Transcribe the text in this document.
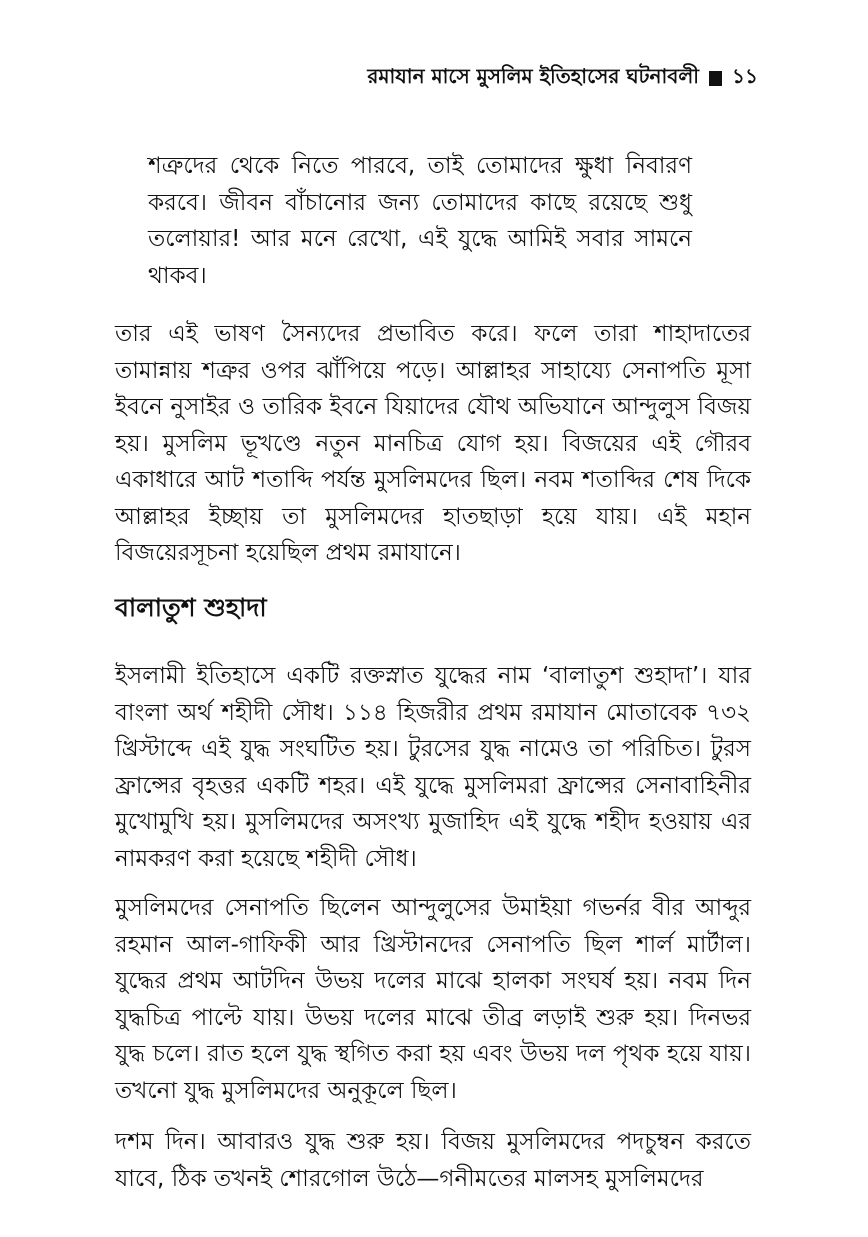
রমাযান মাসে মুসলিম ইতিহাসের ঘটনাবলী ১১

শত্রুদের থেকে নিতে পারবে, তাই তোমাদের ক্ষুধা নিবারণ করবে। জীবন বাঁচানোর জন্য তোমাদের কাছে রয়েছে শুধু তলোয়ার! আর মনে রেখো, এই যুদ্ধে আমিই সবার সামনে থাকব।

তার এই ভাষণ সৈন্যদের প্রভাবিত করে। ফলে তারা শাহাদাতের তামান্নায় শত্রুর ওপর ঝাঁপিয়ে পড়ে। আল্লাহর সাহায্যে সেনাপতি মূসা ইবনে নুসাইর ও তারিক ইবনে যিয়াদের যৌথ অভিযানে আন্দুলুস বিজয় হয়। মুসলিম ভূখণ্ডে নতুন মানচিত্র যোগ হয়। বিজয়ের এই গৌরব একাধারে আট শতাব্দি পর্যন্ত মুসলিমদের ছিল। নবম শতাব্দির শেষ দিকে আল্লাহর ইচ্ছায় তা মুসলিমদের হাতছাড়া হয়ে যায়। এই মহান বিজয়েরসূচনা হয়েছিল প্রথম রমাযানে।

বালাতুশ শুহাদা

ইসলামী ইতিহাসে একটি রক্তস্নাত যুদ্ধের নাম ‘বালাতুশ শুহাদা’। যার বাংলা অর্থ শহীদী সৌধ। ১১৪ হিজরীর প্রথম রমাযান মোতাবেক ৭৩২ খ্রিস্টাব্দে এই যুদ্ধ সংঘটিত হয়। টুরসের যুদ্ধ নামেও তা পরিচিত। টুরস ফ্রান্সের বৃহত্তর একটি শহর। এই যুদ্ধে মুসলিমরা ফ্রান্সের সেনাবাহিনীর মুখোমুখি হয়। মুসলিমদের অসংখ্য মুজাহিদ এই যুদ্ধে শহীদ হওয়ায় এর নামকরণ করা হয়েছে শহীদী সৌধ।

মুসলিমদের সেনাপতি ছিলেন আন্দুলুসের উমাইয়া গভর্নর বীর আব্দুর রহমান আল-গাফিকী আর খ্রিস্টানদের সেনাপতি ছিল শার্ল মার্টাল। যুদ্ধের প্রথম আটদিন উভয় দলের মাঝে হালকা সংঘর্ষ হয়। নবম দিন যুদ্ধচিত্র পাল্টে যায়। উভয় দলের মাঝে তীব্র লড়াই শুরু হয়। দিনভর যুদ্ধ চলে। রাত হলে যুদ্ধ স্থগিত করা হয় এবং উভয় দল পৃথক হয়ে যায়। তখনো যুদ্ধ মুসলিমদের অনুকূলে ছিল।

দশম দিন। আবারও যুদ্ধ শুরু হয়। বিজয় মুসলিমদের পদচুম্বন করতে যাবে, ঠিক তখনই শোরগোল উঠে—গনীমতের মালসহ মুসলিমদের
